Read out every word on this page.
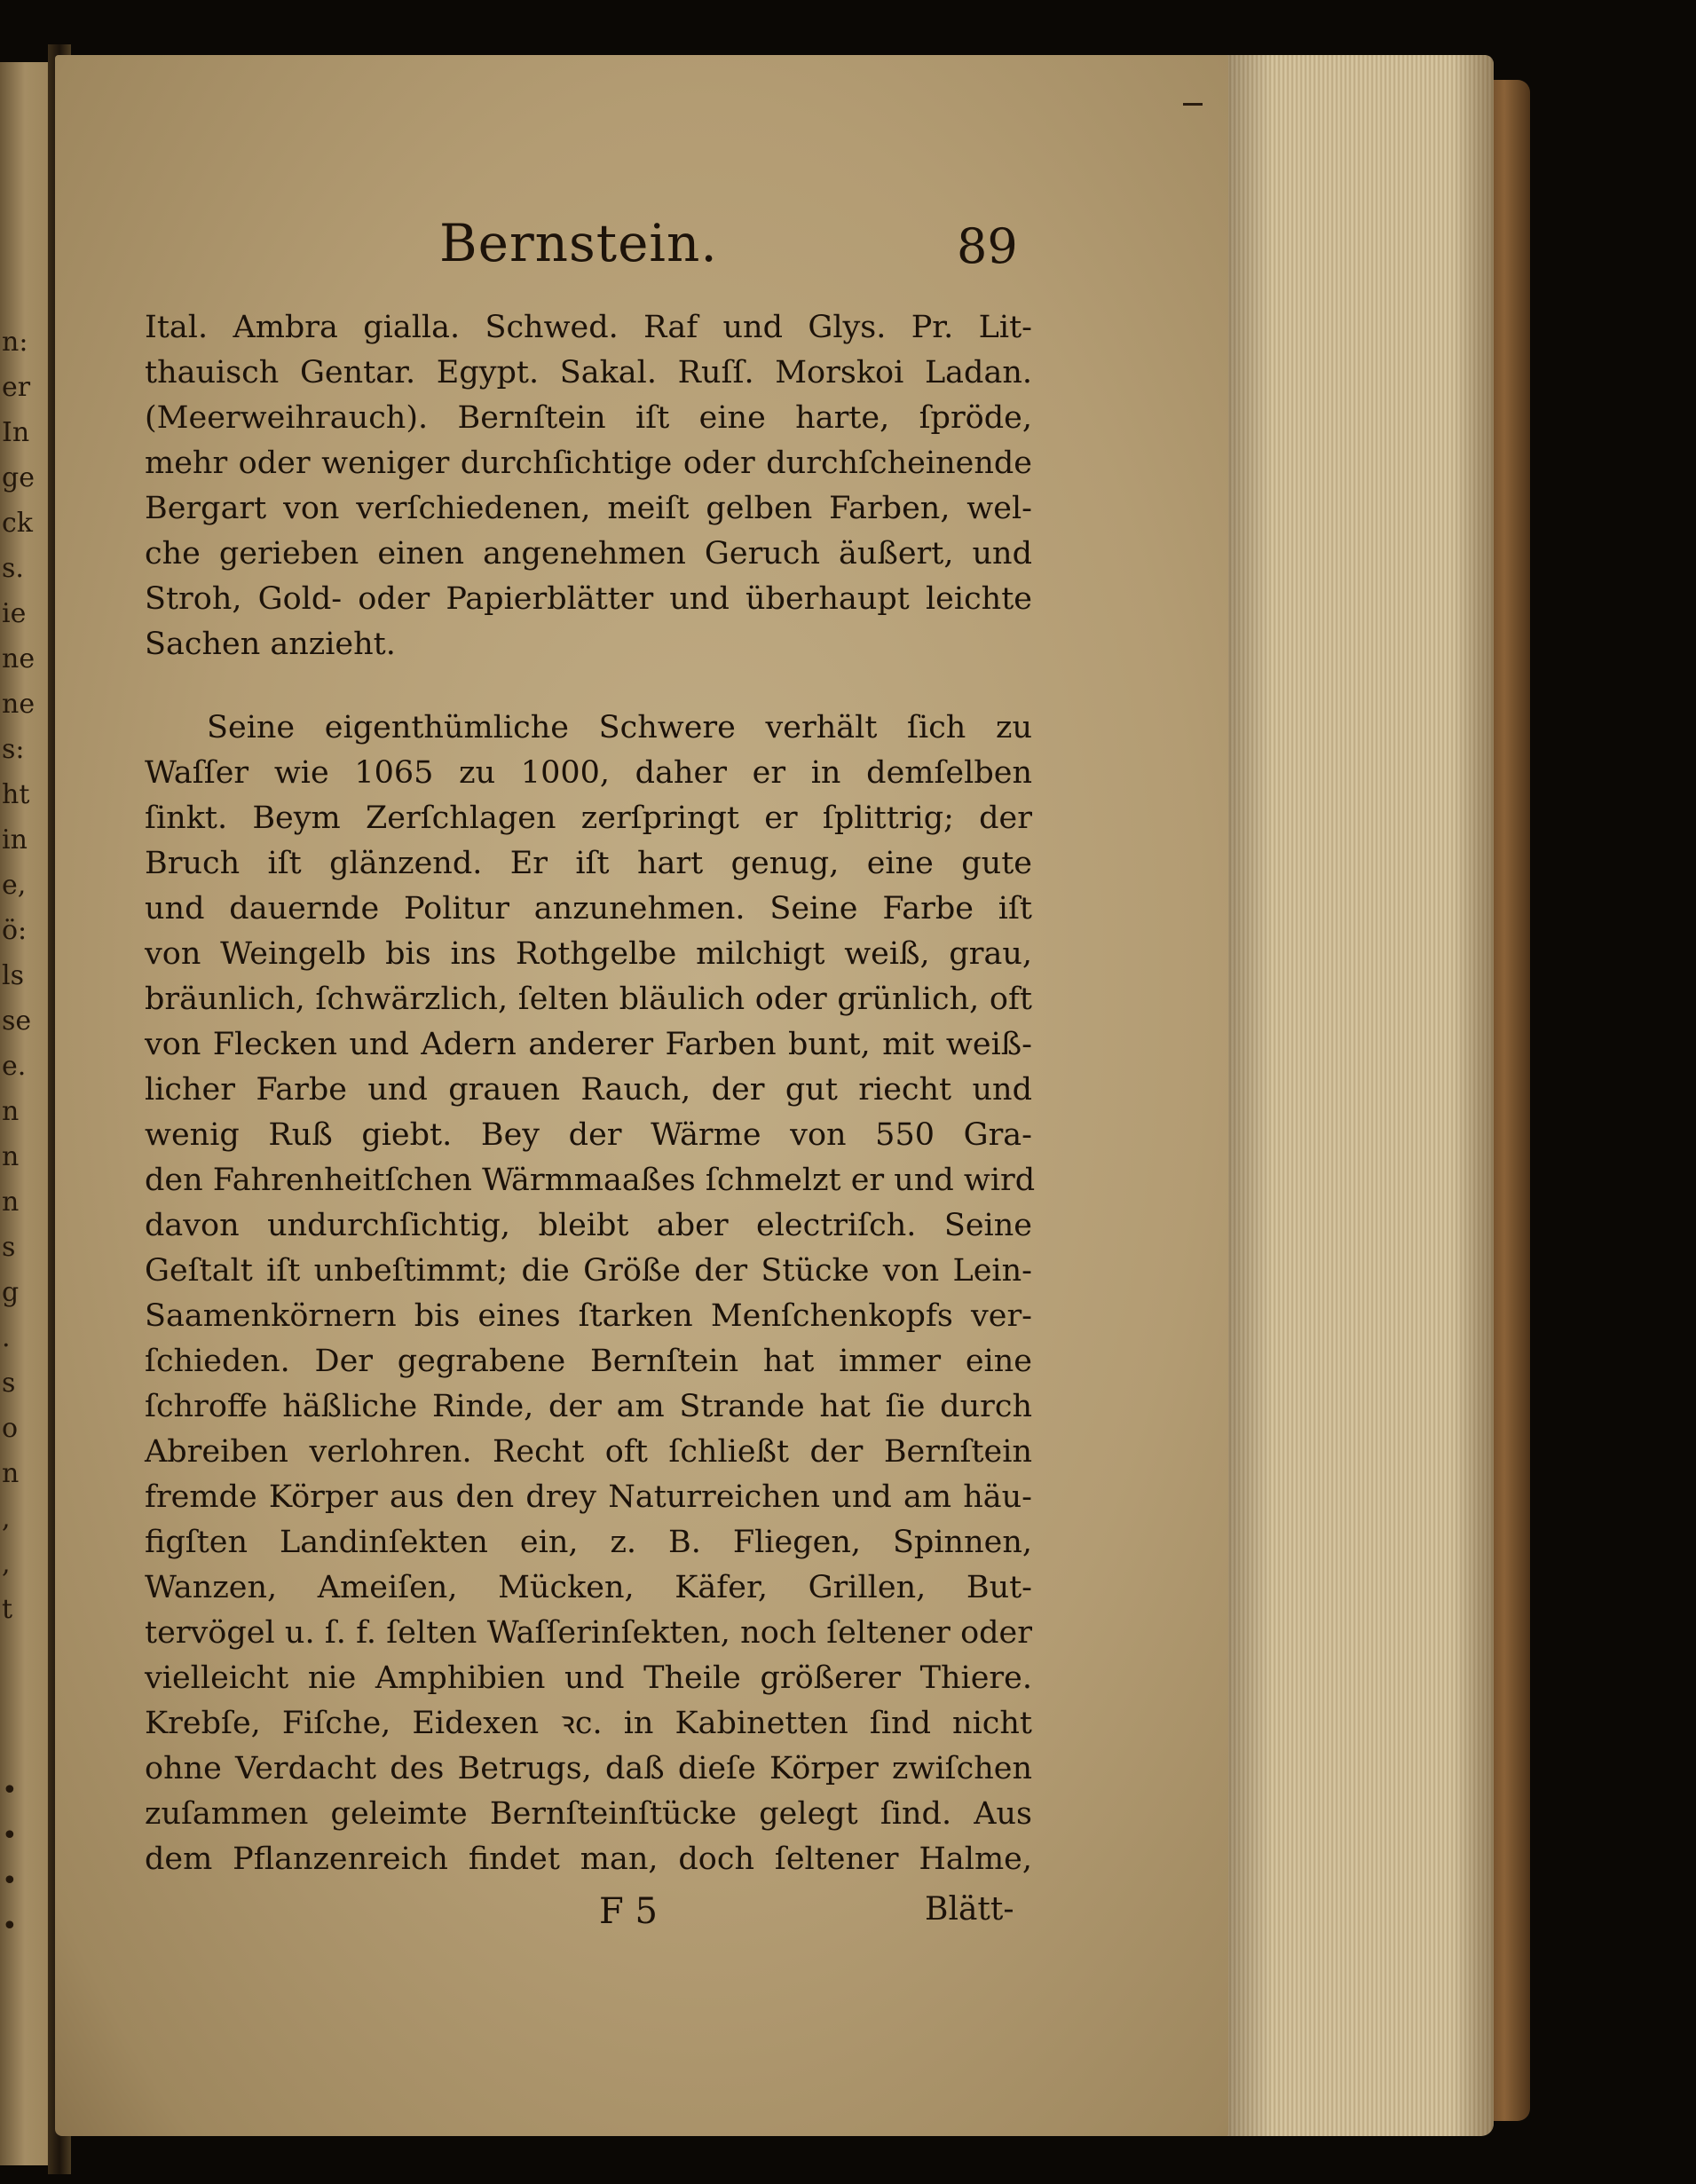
n:
er
In
ge
ck
s.
ie
ne
ne
s:
ht
in
e,
ö:
ls
se
e.
n
n
n
s
g
.
s
o
n
,
,
t
•
•
•
•
Bernstein.	89
Ital. Ambra gialla. Schwed. Raf und Glys. Pr. Lit-
thauisch Gentar. Egypt. Sakal. Ruſſ. Morskoi Ladan.
(Meerweihrauch). Bernſtein iſt eine harte, ſpröde,
mehr oder weniger durchſichtige oder durchſcheinende
Bergart von verſchiedenen, meiſt gelben Farben, wel-
che gerieben einen angenehmen Geruch äußert, und
Stroh, Gold- oder Papierblätter und überhaupt leichte
Sachen anzieht.
Seine eigenthümliche Schwere verhält ſich zu
Waſſer wie 1065 zu 1000, daher er in demſelben
ſinkt. Beym Zerſchlagen zerſpringt er ſplittrig; der
Bruch iſt glänzend. Er iſt hart genug, eine gute
und dauernde Politur anzunehmen. Seine Farbe iſt
von Weingelb bis ins Rothgelbe milchigt weiß, grau,
bräunlich, ſchwärzlich, ſelten bläulich oder grünlich, oft
von Flecken und Adern anderer Farben bunt, mit weiß-
licher Farbe und grauen Rauch, der gut riecht und
wenig Ruß giebt. Bey der Wärme von 550 Gra-
den Fahrenheitſchen Wärmmaaßes ſchmelzt er und wird
davon undurchſichtig, bleibt aber electriſch. Seine
Geſtalt iſt unbeſtimmt; die Größe der Stücke von Lein-
Saamenkörnern bis eines ſtarken Menſchenkopfs ver-
ſchieden. Der gegrabene Bernſtein hat immer eine
ſchroffe häßliche Rinde, der am Strande hat ſie durch
Abreiben verlohren. Recht oft ſchließt der Bernſtein
fremde Körper aus den drey Naturreichen und am häu-
figſten Landinſekten ein, z. B. Fliegen, Spinnen,
Wanzen, Ameiſen, Mücken, Käfer, Grillen, But-
tervögel u. ſ. f. ſelten Waſſerinſekten, noch ſeltener oder
vielleicht nie Amphibien und Theile größerer Thiere.
Krebſe, Fiſche, Eidexen ꝛc. in Kabinetten ſind nicht
ohne Verdacht des Betrugs, daß dieſe Körper zwiſchen
zuſammen geleimte Bernſteinſtücke gelegt ſind. Aus
dem Pflanzenreich findet man, doch ſeltener Halme,
F 5	Blätt-
